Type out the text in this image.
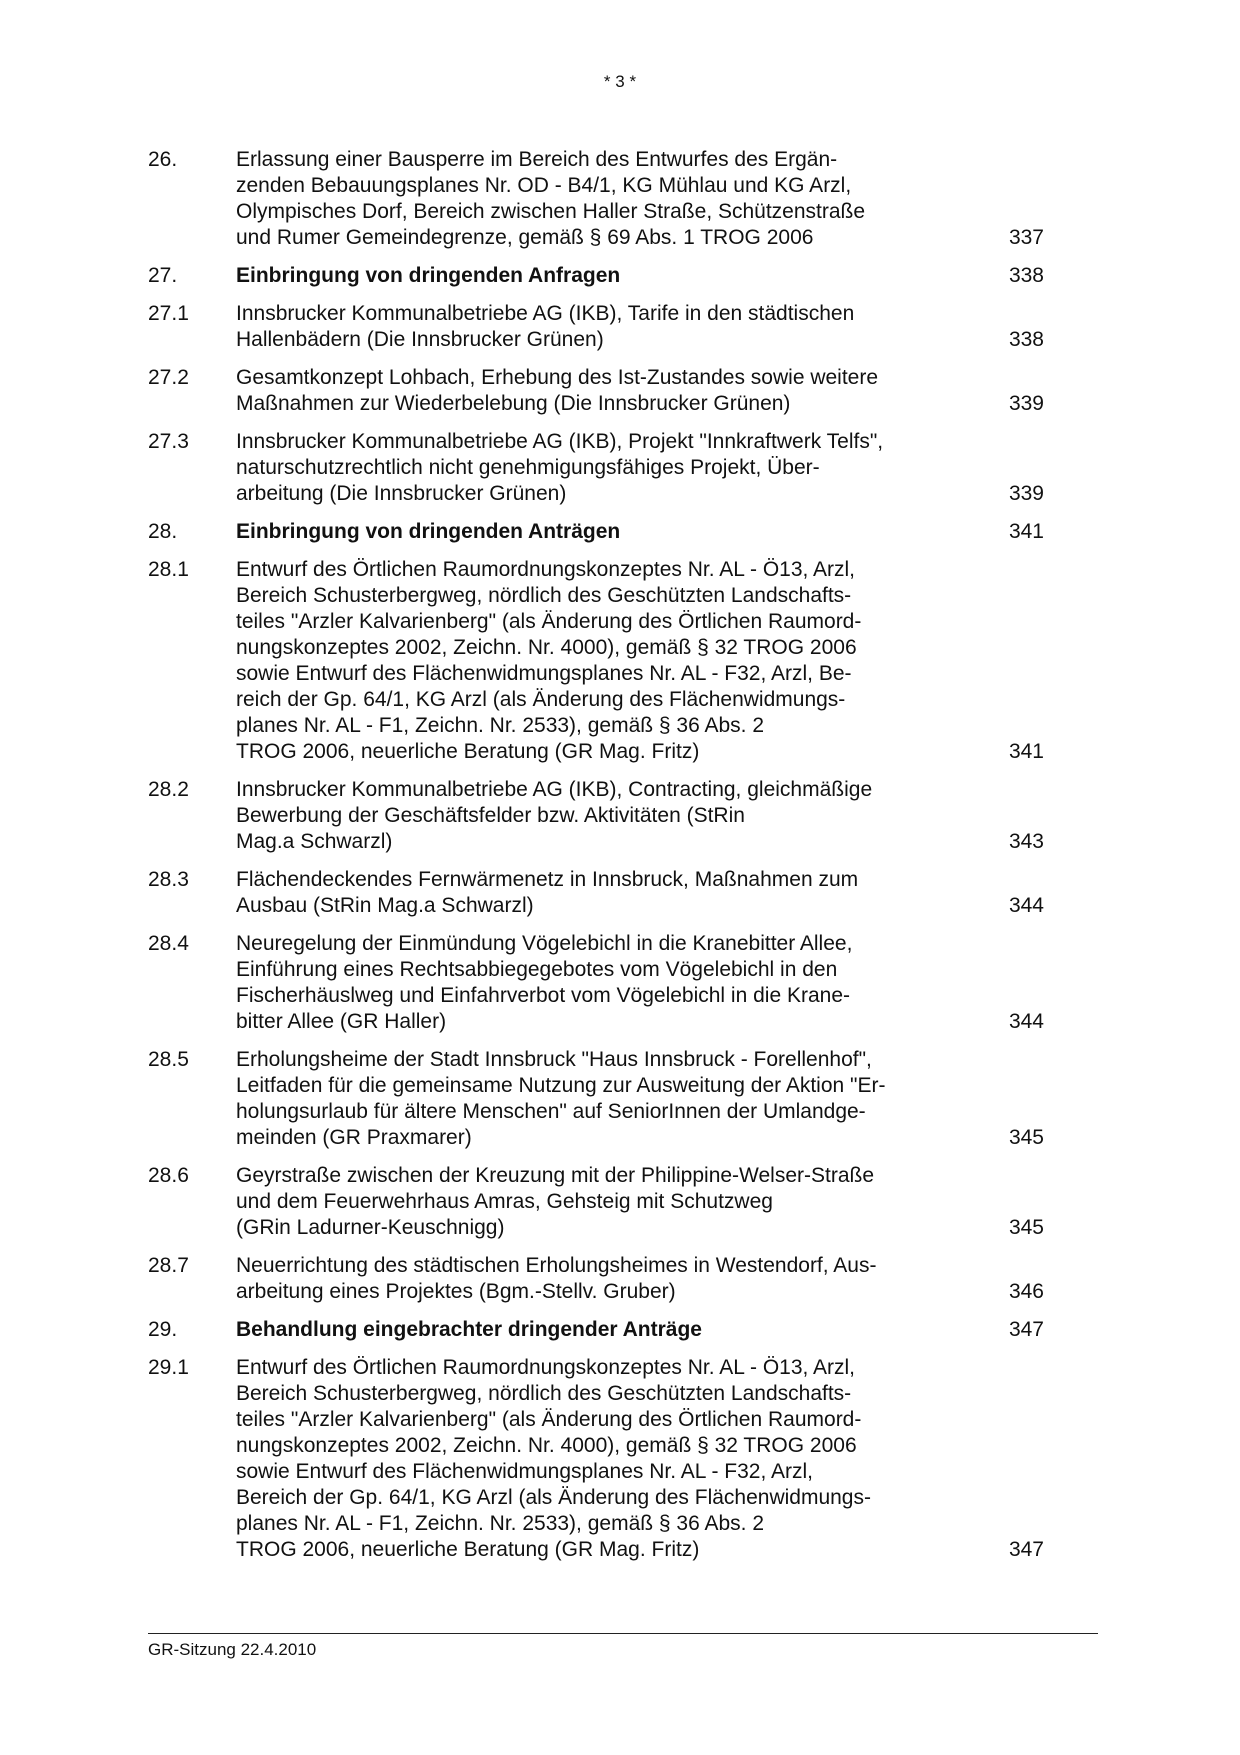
* 3 *
26.	Erlassung einer Bausperre im Bereich des Entwurfes des Ergän-
zenden Bebauungsplanes Nr. OD - B4/1, KG Mühlau und KG Arzl,
Olympisches Dorf, Bereich zwischen Haller Straße, Schützenstraße
und Rumer Gemeindegrenze, gemäß § 69 Abs. 1 TROG 2006	337
27.	Einbringung von dringenden Anfragen	338
27.1	Innsbrucker Kommunalbetriebe AG (IKB), Tarife in den städtischen
Hallenbädern (Die Innsbrucker Grünen)	338
27.2	Gesamtkonzept Lohbach, Erhebung des Ist-Zustandes sowie weitere
Maßnahmen zur Wiederbelebung (Die Innsbrucker Grünen)	339
27.3	Innsbrucker Kommunalbetriebe AG (IKB), Projekt "Innkraftwerk Telfs",
naturschutzrechtlich nicht genehmigungsfähiges Projekt, Über-
arbeitung (Die Innsbrucker Grünen)	339
28.	Einbringung von dringenden Anträgen	341
28.1	Entwurf des Örtlichen Raumordnungskonzeptes Nr. AL - Ö13, Arzl,
Bereich Schusterbergweg, nördlich des Geschützten Landschafts-
teiles "Arzler Kalvarienberg" (als Änderung des Örtlichen Raumord-
nungskonzeptes 2002, Zeichn. Nr. 4000), gemäß § 32 TROG 2006
sowie Entwurf des Flächenwidmungsplanes Nr. AL - F32, Arzl, Be-
reich der Gp. 64/1, KG Arzl (als Änderung des Flächenwidmungs-
planes Nr. AL - F1, Zeichn. Nr. 2533), gemäß § 36 Abs. 2
TROG 2006, neuerliche Beratung (GR Mag. Fritz)	341
28.2	Innsbrucker Kommunalbetriebe AG (IKB), Contracting, gleichmäßige
Bewerbung der Geschäftsfelder bzw. Aktivitäten (StRin
Mag.a Schwarzl)	343
28.3	Flächendeckendes Fernwärmenetz in Innsbruck, Maßnahmen zum
Ausbau (StRin Mag.a Schwarzl)	344
28.4	Neuregelung der Einmündung Vögelebichl in die Kranebitter Allee,
Einführung eines Rechtsabbiegegebotes vom Vögelebichl in den
Fischerhäuslweg und Einfahrverbot vom Vögelebichl in die Krane-
bitter Allee (GR Haller)	344
28.5	Erholungsheime der Stadt Innsbruck "Haus Innsbruck - Forellenhof",
Leitfaden für die gemeinsame Nutzung zur Ausweitung der Aktion "Er-
holungsurlaub für ältere Menschen" auf SeniorInnen der Umlandge-
meinden (GR Praxmarer)	345
28.6	Geyrstraße zwischen der Kreuzung mit der Philippine-Welser-Straße
und dem Feuerwehrhaus Amras, Gehsteig mit Schutzweg
(GRin Ladurner-Keuschnigg)	345
28.7	Neuerrichtung des städtischen Erholungsheimes in Westendorf, Aus-
arbeitung eines Projektes (Bgm.-Stellv. Gruber)	346
29.	Behandlung eingebrachter dringender Anträge	347
29.1	Entwurf des Örtlichen Raumordnungskonzeptes Nr. AL - Ö13, Arzl,
Bereich Schusterbergweg, nördlich des Geschützten Landschafts-
teiles "Arzler Kalvarienberg" (als Änderung des Örtlichen Raumord-
nungskonzeptes 2002, Zeichn. Nr. 4000), gemäß § 32 TROG 2006
sowie Entwurf des Flächenwidmungsplanes Nr. AL - F32, Arzl,
Bereich der Gp. 64/1, KG Arzl (als Änderung des Flächenwidmungs-
planes Nr. AL - F1, Zeichn. Nr. 2533), gemäß § 36 Abs. 2
TROG 2006, neuerliche Beratung (GR Mag. Fritz)	347
GR-Sitzung 22.4.2010
